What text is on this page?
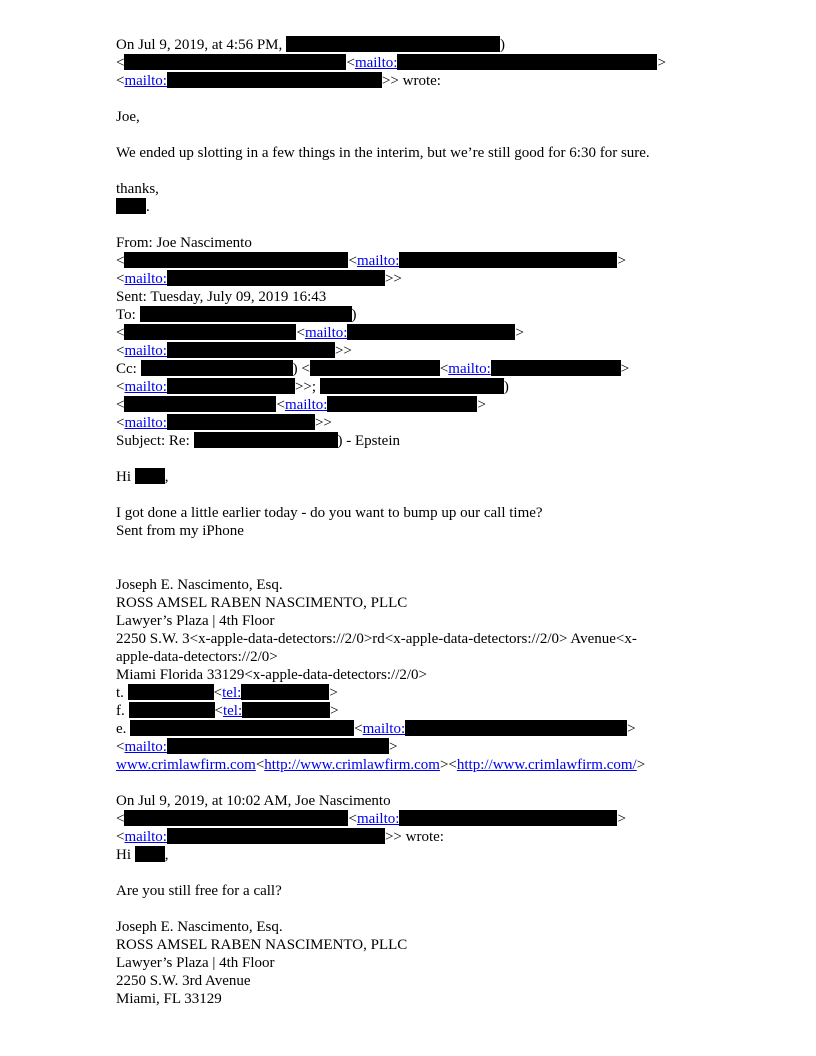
On Jul 9, 2019, at 4:56 PM,	)
<	<mailto:	>
<mailto:	>> wrote:
Joe,
We ended up slotting in a few things in the interim, but we’re still good for 6:30 for sure.
thanks,
.
From: Joe Nascimento
<	<mailto:	>
<mailto:	>>
Sent: Tuesday, July 09, 2019 16:43
To:	)
<	<mailto:	>
<mailto:	>>
Cc:	) <	<mailto:	>
<mailto:	>>;	)
<	<mailto:	>
<mailto:	>>
Subject: Re:	) - Epstein
Hi ,
I got done a little earlier today - do you want to bump up our call time?
Sent from my iPhone
Joseph E. Nascimento, Esq.
ROSS AMSEL RABEN NASCIMENTO, PLLC
Lawyer’s Plaza | 4th Floor
2250 S.W. 3<x-apple-data-detectors://2/0>rd<x-apple-data-detectors://2/0> Avenue<x-
apple-data-detectors://2/0>
Miami Florida 33129<x-apple-data-detectors://2/0>
t.	<tel:	>
f.	<tel:	>
e.	<mailto:	>
<mailto:	>
www.crimlawfirm.com<http://www.crimlawfirm.com><http://www.crimlawfirm.com/>
On Jul 9, 2019, at 10:02 AM, Joe Nascimento
<	<mailto:	>
<mailto:	>> wrote:
Hi ,
Are you still free for a call?
Joseph E. Nascimento, Esq.
ROSS AMSEL RABEN NASCIMENTO, PLLC
Lawyer’s Plaza | 4th Floor
2250 S.W. 3rd Avenue
Miami, FL 33129
